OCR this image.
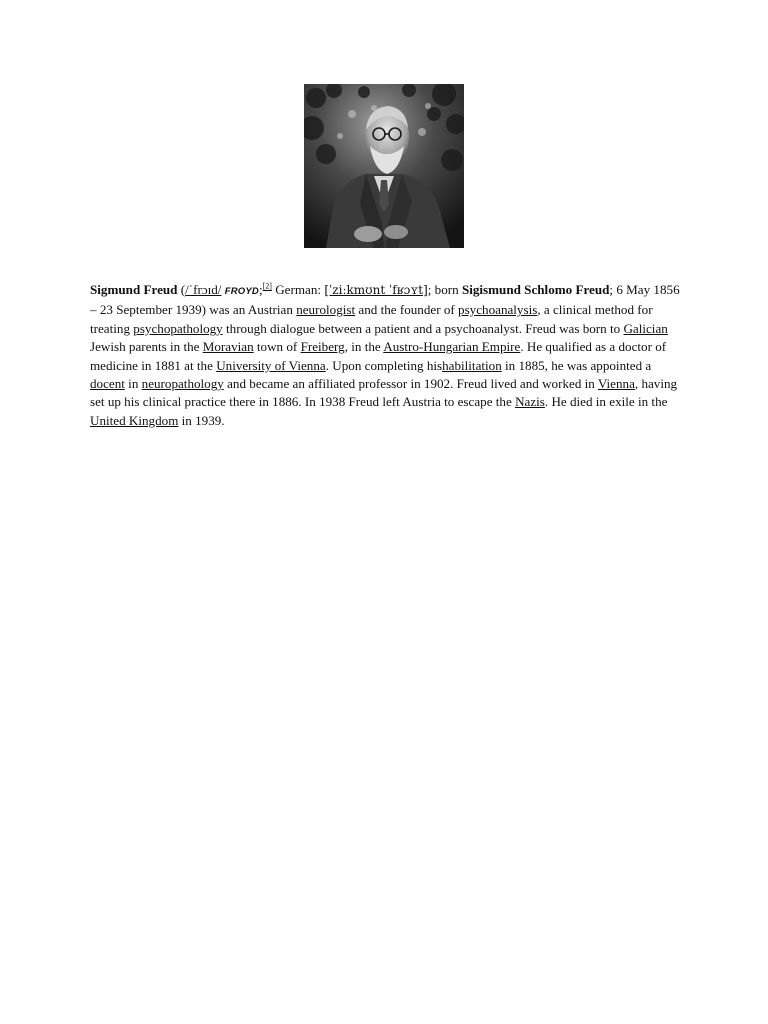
Sigmund Freud (/ˈfrɔɪd/ FROYD;[2] German: [ˈziːkmʊnt ˈfʁɔʏt]; born Sigismund Schlomo Freud; 6 May 1856 – 23 September 1939) was an Austrian neurologist and the founder of psychoanalysis, a clinical method for treating psychopathology through dialogue between a patient and a psychoanalyst. Freud was born to Galician Jewish parents in the Moravian town of Freiberg, in the Austro-Hungarian Empire. He qualified as a doctor of medicine in 1881 at the University of Vienna. Upon completing hishabilitation in 1885, he was appointed a docent in neuropathology and became an affiliated professor in 1902. Freud lived and worked in Vienna, having set up his clinical practice there in 1886. In 1938 Freud left Austria to escape the Nazis. He died in exile in the United Kingdom in 1939.
